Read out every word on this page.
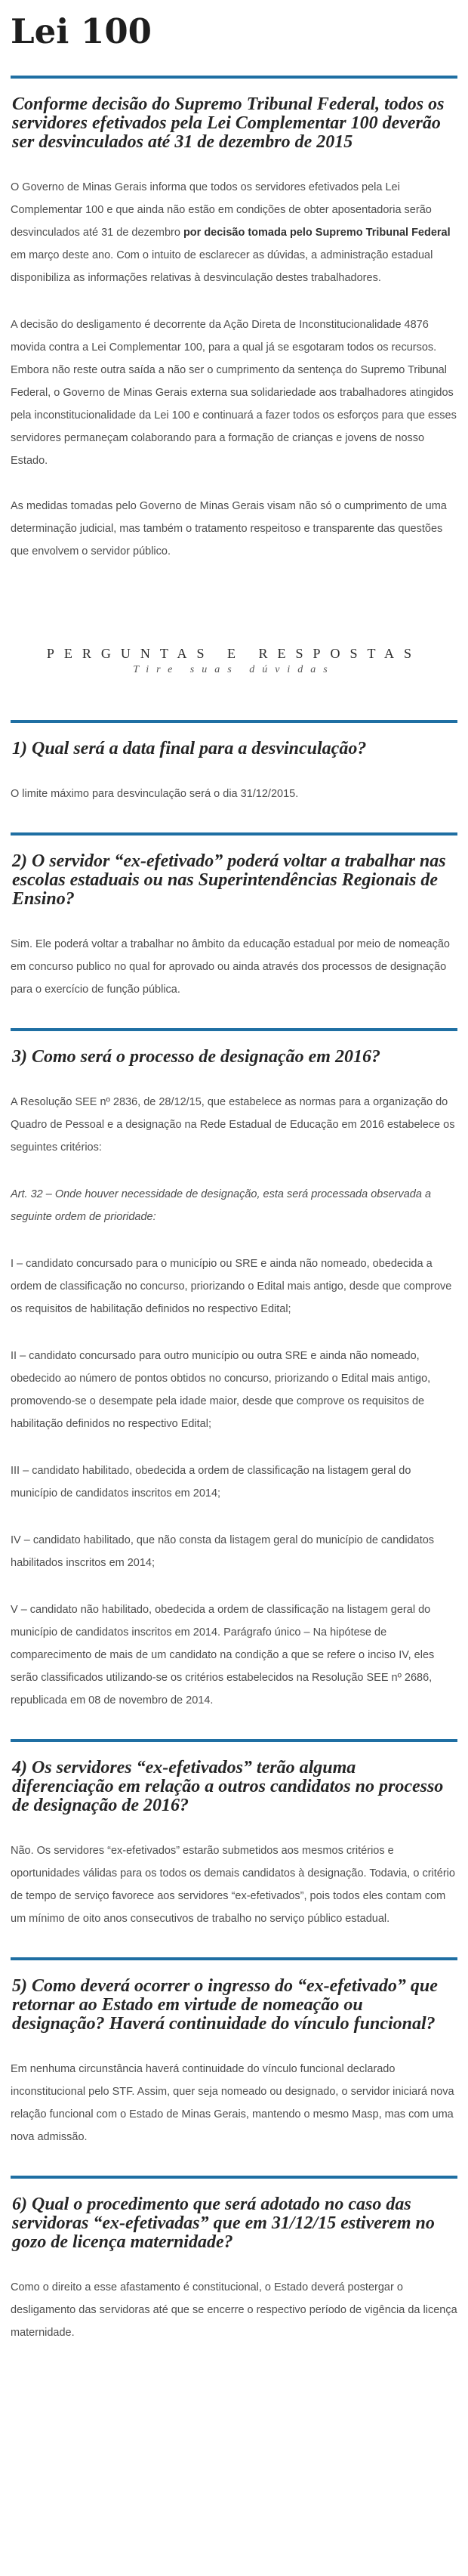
Lei 100
Conforme decisão do Supremo Tribunal Federal, todos os servidores efetivados pela Lei Complementar 100 deverão ser desvinculados até 31 de dezembro de 2015

O Governo de Minas Gerais informa que todos os servidores efetivados pela Lei Complementar 100 e que ainda não estão em condições de obter aposentadoria serão desvinculados até 31 de dezembro por decisão tomada pelo Supremo Tribunal Federal em março deste ano. Com o intuito de esclarecer as dúvidas, a administração estadual disponibiliza as informações relativas à desvinculação destes trabalhadores.

A decisão do desligamento é decorrente da Ação Direta de Inconstitucionalidade 4876 movida contra a Lei Complementar 100, para a qual já se esgotaram todos os recursos. Embora não reste outra saída a não ser o cumprimento da sentença do Supremo Tribunal Federal, o Governo de Minas Gerais externa sua solidariedade aos trabalhadores atingidos pela inconstitucionalidade da Lei 100 e continuará a fazer todos os esforços para que esses servidores permaneçam colaborando para a formação de crianças e jovens de nosso Estado.

As medidas tomadas pelo Governo de Minas Gerais visam não só o cumprimento de uma determinação judicial, mas também o tratamento respeitoso e transparente das questões que envolvem o servidor público.

PERGUNTAS E RESPOSTAS

Tire suas dúvidas

1) Qual será a data final para a desvinculação?

O limite máximo para desvinculação será o dia 31/12/2015.

2) O servidor “ex-efetivado” poderá voltar a trabalhar nas escolas estaduais ou nas Superintendências Regionais de Ensino?

Sim. Ele poderá voltar a trabalhar no âmbito da educação estadual por meio de nomeação em concurso publico no qual for aprovado ou ainda através dos processos de designação para o exercício de função pública.

3) Como será o processo de designação em 2016?

A Resolução SEE nº 2836, de 28/12/15, que estabelece as normas para a organização do Quadro de Pessoal e a designação na Rede Estadual de Educação em 2016 estabelece os seguintes critérios:

Art. 32 – Onde houver necessidade de designação, esta será processada observada a seguinte ordem de prioridade:

I – candidato concursado para o município ou SRE e ainda não nomeado, obedecida a ordem de classificação no concurso, priorizando o Edital mais antigo, desde que comprove os requisitos de habilitação definidos no respectivo Edital;

II – candidato concursado para outro município ou outra SRE e ainda não nomeado, obedecido ao número de pontos obtidos no concurso, priorizando o Edital mais antigo, promovendo-se o desempate pela idade maior, desde que comprove os requisitos de habilitação definidos no respectivo Edital;

III – candidato habilitado, obedecida a ordem de classificação na listagem geral do município de candidatos inscritos em 2014;

IV – candidato habilitado, que não consta da listagem geral do município de candidatos habilitados inscritos em 2014;

V – candidato não habilitado, obedecida a ordem de classificação na listagem geral do município de candidatos inscritos em 2014. Parágrafo único – Na hipótese de comparecimento de mais de um candidato na condição a que se refere o inciso IV, eles serão classificados utilizando-se os critérios estabelecidos na Resolução SEE nº 2686, republicada em 08 de novembro de 2014.

4) Os servidores “ex-efetivados” terão alguma diferenciação em relação a outros candidatos no processo de designação de 2016?

Não. Os servidores “ex-efetivados” estarão submetidos aos mesmos critérios e oportunidades válidas para os todos os demais candidatos à designação. Todavia, o critério de tempo de serviço favorece aos servidores “ex-efetivados”, pois todos eles contam com um mínimo de oito anos consecutivos de trabalho no serviço público estadual.

5) Como deverá ocorrer o ingresso do “ex-efetivado” que retornar ao Estado em virtude de nomeação ou designação? Haverá continuidade do vínculo funcional?

Em nenhuma circunstância haverá continuidade do vínculo funcional declarado inconstitucional pelo STF. Assim, quer seja nomeado ou designado, o servidor iniciará nova relação funcional com o Estado de Minas Gerais, mantendo o mesmo Masp, mas com uma nova admissão.

6) Qual o procedimento que será adotado no caso das servidoras “ex-efetivadas” que em 31/12/15 estiverem no gozo de licença maternidade?

Como o direito a esse afastamento é constitucional, o Estado deverá postergar o desligamento das servidoras até que se encerre o respectivo período de vigência da licença maternidade.
